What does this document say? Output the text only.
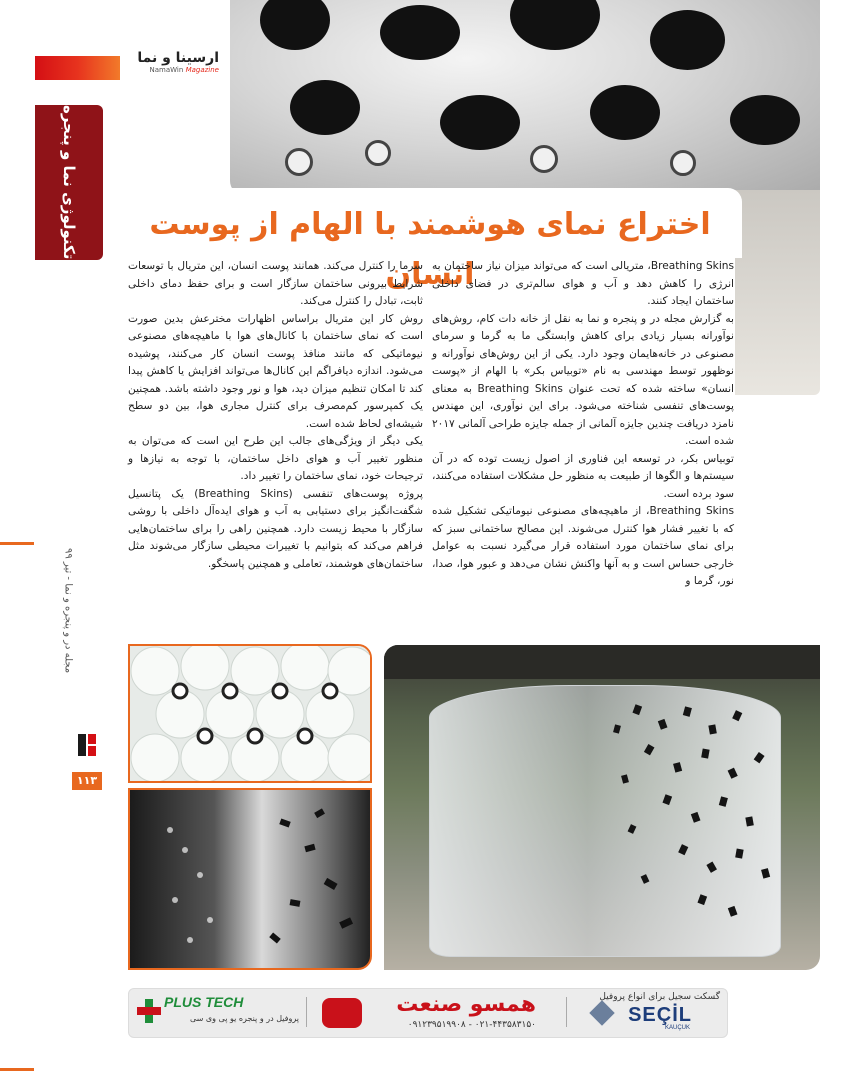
ارسینا و نما
NamaWin Magazine
تکنولوژی نما و پنجره
مجله در و پنجره و نما - تیر ۹۹
۱۱۳
اختراع نمای هوشمند با الهام از پوست انسان

Breathing Skins، متریالی است که می‌تواند میزان نیاز ساختمان به انرژی را کاهش دهد و آب و هوای سالم‌تری در فضای داخلی ساختمان ایجاد کنند.

به گزارش مجله در و پنجره و نما به نقل از خانه دات کام، روش‌های نوآورانه بسیار زیادی برای کاهش وابستگی ما به گرما و سرمای مصنوعی در خانه‌هایمان وجود دارد. یکی از این روش‌های نوآورانه و نوظهور توسط مهندسی به نام «توبیاس بکر» با الهام از «پوست انسان» ساخته شده که تحت عنوان Breathing Skins به معنای پوست‌های تنفسی شناخته می‌شود. برای این نوآوری، این مهندس نامزد دریافت چندین جایزه آلمانی از جمله جایزه طراحی آلمانی ۲۰۱۷ شده است.

توبیاس بکر، در توسعه این فناوری از اصول زیست توده که در آن سیستم‌ها و الگوها از طبیعت به منظور حل مشکلات استفاده می‌کنند، سود برده است.

Breathing Skins، از ماهیچه‌های مصنوعی نیوماتیکی تشکیل شده که با تغییر فشار هوا کنترل می‌شوند. این مصالح ساختمانی سبز که برای نمای ساختمان مورد استفاده قرار می‌گیرد نسبت به عوامل خارجی حساس است و به آنها واکنش نشان می‌دهد و عبور هوا، صدا، نور، گرما و

سرما را کنترل می‌کند. همانند پوست انسان، این متریال با توسعات شرایط بیرونی ساختمان سازگار است و برای حفظ دمای داخلی ثابت، تبادل را کنترل می‌کند.

روش کار این متریال براساس اظهارات مخترعش بدین صورت است که نمای ساختمان با کانال‌های هوا با ماهیچه‌های مصنوعی نیوماتیکی که مانند منافذ پوست انسان کار می‌کنند، پوشیده می‌شود. اندازه دیافراگم این کانال‌ها می‌تواند افزایش یا کاهش پیدا کند تا امکان تنظیم میزان دید، هوا و نور وجود داشته باشد. همچنین یک کمپرسور کم‌مصرف برای کنترل مجاری هوا، بین دو سطح شیشه‌ای لحاظ شده است.

یکی دیگر از ویژگی‌های جالب این طرح این است که می‌توان به منظور تغییر آب و هوای داخل ساختمان، با توجه به نیازها و ترجیحات خود، نمای ساختمان را تغییر داد.

پروژه پوست‌های تنفسی (Breathing Skins) یک پتانسیل شگفت‌انگیز برای دستیابی به آب و هوای ایده‌آل داخلی با روشی سازگار با محیط زیست دارد. همچنین راهی را برای ساختمان‌هایی فراهم می‌کند که بتوانیم با تغییرات محیطی سازگار می‌شوند مثل ساختمان‌های هوشمند، تعاملی و همچنین پاسخگو.

PLUS TECH
پروفیل در و پنجره یو پی وی سی
همسو صنعت
۰۲۱-۴۴۳۵۸۳۱۵۰ - ۰۹۱۲۳۹۵۱۹۹۰۸
گسکت سجیل برای انواع پروفیل
SEÇİL
KAUÇUK
